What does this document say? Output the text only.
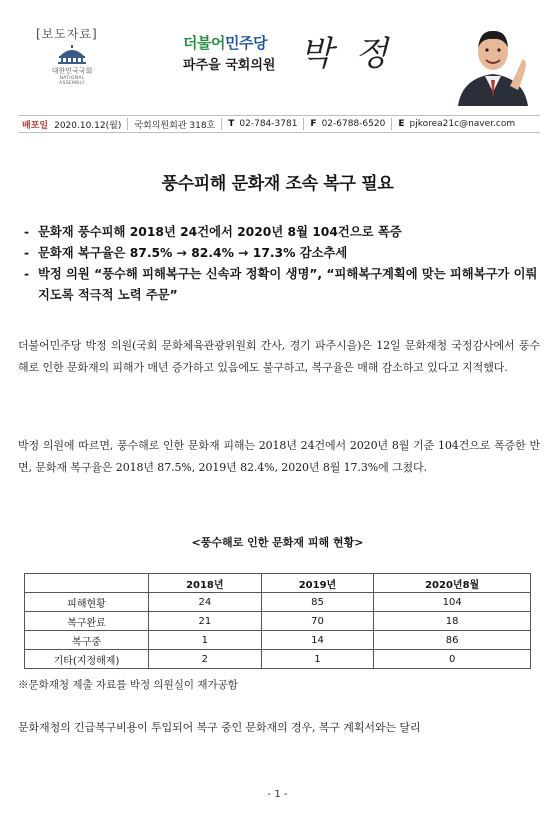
[보도자료]
대한민국국회
NATIONAL ASSEMBLY
더불어민주당
파주을 국회의원 박정
배포일 2020.10.12(월) 국회의원회관 318호 T 02-784-3781 F 02-6788-6520 E pjkorea21c@naver.com
풍수피해 문화재 조속 복구 필요
- 문화재 풍수피해 2018년 24건에서 2020년 8월 104건으로 폭증
- 문화재 복구율은 87.5% → 82.4% → 17.3% 감소추세
- 박정 의원 “풍수해 피해복구는 신속과 정확이 생명”, “피해복구계획에 맞는 피해복구가 이뤄지도록 적극적 노력 주문”
더불어민주당 박정 의원(국회 문화체육관광위원회 간사, 경기 파주시을)은 12일 문화재청 국정감사에서 풍수해로 인한 문화재의 피해가 매년 증가하고 있음에도 불구하고, 복구율은 매해 감소하고 있다고 지적했다.
박정 의원에 따르면, 풍수해로 인한 문화재 피해는 2018년 24건에서 2020년 8월 기준 104건으로 폭증한 반면, 문화재 복구율은 2018년 87.5%, 2019년 82.4%, 2020년 8월 17.3%에 그쳤다.
<풍수해로 인한 문화재 피해 현황>
	2018년	2019년	2020년8월
피해현황	24	85	104
복구완료	21	70	18
복구중	1	14	86
기타(지정해제)	2	1	0
※문화재청 제출 자료를 박정 의원실이 재가공함
문화재청의 긴급복구비용이 투입되어 복구 중인 문화재의 경우, 복구 계획서와는 달리
- 1 -
